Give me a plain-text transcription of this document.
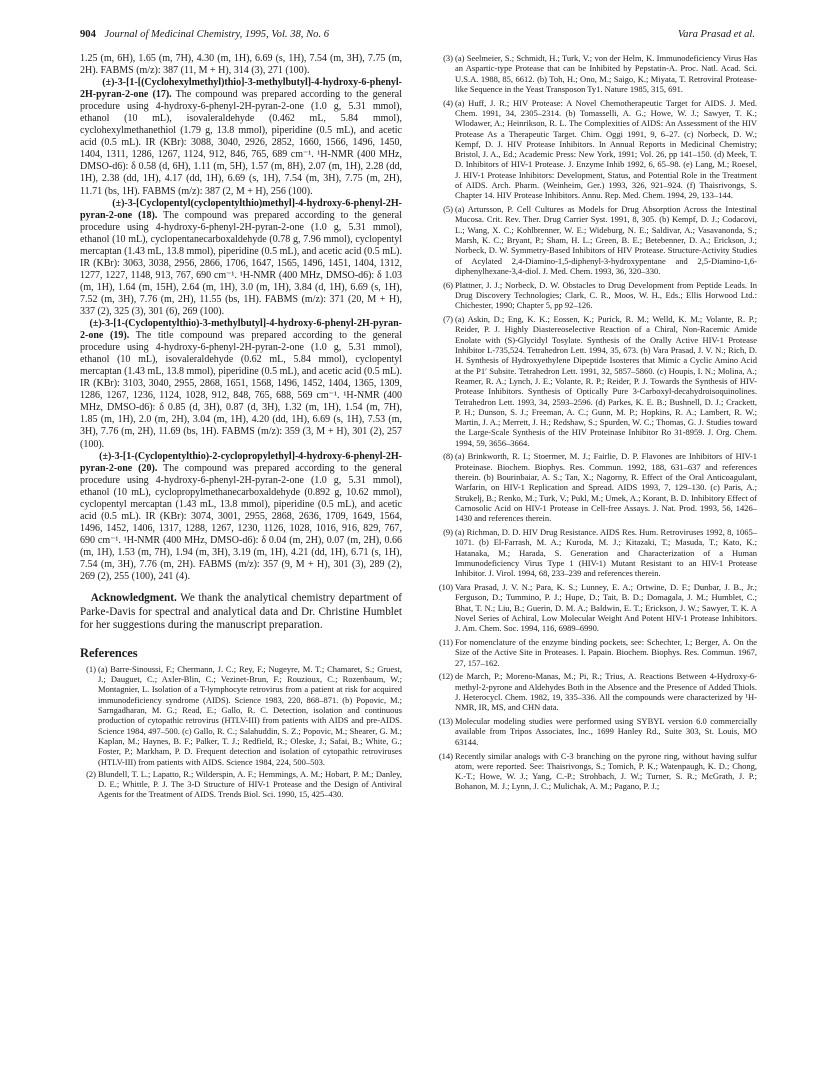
904 Journal of Medicinal Chemistry, 1995, Vol. 38, No. 6	Vara Prasad et al.

1.25 (m, 6H), 1.65 (m, 7H), 4.30 (m, 1H), 6.69 (s, 1H), 7.54 (m, 3H), 7.75 (m, 2H). FABMS (m/z): 387 (11, M + H), 314 (3), 271 (100).

(±)-3-[1-[(Cyclohexylmethyl)thio]-3-methylbutyl]-4-hydroxy-6-phenyl-2H-pyran-2-one (17). The compound was prepared according to the general procedure using 4-hydroxy-6-phenyl-2H-pyran-2-one (1.0 g, 5.31 mmol), ethanol (10 mL), isovaleraldehyde (0.462 mL, 5.84 mmol), cyclohexylmethanethiol (1.79 g, 13.8 mmol), piperidine (0.5 mL), and acetic acid (0.5 mL). IR (KBr): 3088, 3040, 2926, 2852, 1660, 1566, 1496, 1450, 1404, 1311, 1286, 1267, 1124, 912, 846, 765, 689 cm⁻¹. ¹H-NMR (400 MHz, DMSO-d6): δ 0.58 (d, 6H), 1.11 (m, 5H), 1.57 (m, 8H), 2.07 (m, 1H), 2.28 (dd, 1H), 2.38 (dd, 1H), 4.17 (dd, 1H), 6.69 (s, 1H), 7.54 (m, 3H), 7.75 (m, 2H), 11.71 (bs, 1H). FABMS (m/z): 387 (2, M + H), 256 (100).

(±)-3-[Cyclopentyl(cyclopentylthio)methyl]-4-hydroxy-6-phenyl-2H-pyran-2-one (18). The compound was prepared according to the general procedure using 4-hydroxy-6-phenyl-2H-pyran-2-one (1.0 g, 5.31 mmol), ethanol (10 mL), cyclopentanecarboxaldehyde (0.78 g, 7.96 mmol), cyclopentyl mercaptan (1.43 mL, 13.8 mmol), piperidine (0.5 mL), and acetic acid (0.5 mL). IR (KBr): 3063, 3038, 2956, 2866, 1706, 1647, 1565, 1496, 1451, 1404, 1312, 1277, 1227, 1148, 913, 767, 690 cm⁻¹. ¹H-NMR (400 MHz, DMSO-d6): δ 1.03 (m, 1H), 1.64 (m, 15H), 2.64 (m, 1H), 3.0 (m, 1H), 3.84 (d, 1H), 6.69 (s, 1H), 7.52 (m, 3H), 7.76 (m, 2H), 11.55 (bs, 1H). FABMS (m/z): 371 (20, M + H), 337 (2), 325 (3), 301 (6), 269 (100).

(±)-3-[1-(Cyclopentylthio)-3-methylbutyl]-4-hydroxy-6-phenyl-2H-pyran-2-one (19). The title compound was prepared according to the general procedure using 4-hydroxy-6-phenyl-2H-pyran-2-one (1.0 g, 5.31 mmol), ethanol (10 mL), isovaleraldehyde (0.62 mL, 5.84 mmol), cyclopentyl mercaptan (1.43 mL, 13.8 mmol), piperidine (0.5 mL), and acetic acid (0.5 mL). IR (KBr): 3103, 3040, 2955, 2868, 1651, 1568, 1496, 1452, 1404, 1365, 1309, 1286, 1267, 1236, 1124, 1028, 912, 848, 765, 688, 569 cm⁻¹. ¹H-NMR (400 MHz, DMSO-d6): δ 0.85 (d, 3H), 0.87 (d, 3H), 1.32 (m, 1H), 1.54 (m, 7H), 1.85 (m, 1H), 2.0 (m, 2H), 3.04 (m, 1H), 4.20 (dd, 1H), 6.69 (s, 1H), 7.53 (m, 3H), 7.76 (m, 2H), 11.69 (bs, 1H). FABMS (m/z): 359 (3, M + H), 301 (2), 257 (100).

(±)-3-[1-(Cyclopentylthio)-2-cyclopropylethyl]-4-hydroxy-6-phenyl-2H-pyran-2-one (20). The compound was prepared according to the general procedure using 4-hydroxy-6-phenyl-2H-pyran-2-one (1.0 g, 5.31 mmol), ethanol (10 mL), cyclopropylmethanecarboxaldehyde (0.892 g, 10.62 mmol), cyclopentyl mercaptan (1.43 mL, 13.8 mmol), piperidine (0.5 mL), and acetic acid (0.5 mL). IR (KBr): 3074, 3001, 2955, 2868, 2636, 1709, 1649, 1564, 1496, 1452, 1406, 1317, 1288, 1267, 1230, 1126, 1028, 1016, 916, 829, 767, 690 cm⁻¹. ¹H-NMR (400 MHz, DMSO-d6): δ 0.04 (m, 2H), 0.07 (m, 2H), 0.66 (m, 1H), 1.53 (m, 7H), 1.94 (m, 3H), 3.19 (m, 1H), 4.21 (dd, 1H), 6.71 (s, 1H), 7.54 (m, 3H), 7.76 (m, 2H). FABMS (m/z): 357 (9, M + H), 301 (3), 289 (2), 269 (2), 255 (100), 241 (4).

Acknowledgment. We thank the analytical chemistry department of Parke-Davis for spectral and analytical data and Dr. Christine Humblet for her suggestions during the manuscript preparation.
References
(1) (a) Barre-Sinoussi, F.; Chermann, J. C.; Rey, F.; Nugeyre, M. T.; Chamaret, S.; Gruest, J.; Dauguet, C.; Axler-Blin, C.; Vezinet-Brun, F.; Rouzioux, C.; Rozenbaum, W.; Montagnier, L. Isolation of a T-lymphocyte retrovirus from a patient at risk for acquired immunodeficiency syndrome (AIDS). Science 1983, 220, 868–871. (b) Popovic, M.; Sarngadharan, M. G.; Read, E.; Gallo, R. C. Detection, isolation and continuous production of cytopathic retrovirus (HTLV-III) from patients with AIDS and pre-AIDS. Science 1984, 497–500. (c) Gallo, R. C.; Salahuddin, S. Z.; Popovic, M.; Shearer, G. M.; Kaplan, M.; Haynes, B. F.; Palker, T. J.; Redfield, R.; Oleske, J.; Safai, B.; White, G.; Foster, P.; Markham, P. D. Frequent detection and isolation of cytopathic retroviruses (HTLV-III) from patients with AIDS. Science 1984, 224, 500–503.
(2) Blundell, T. L.; Lapatto, R.; Wilderspin, A. F.; Hemmings, A. M.; Hobart, P. M.; Danley, D. E.; Whittle, P. J. The 3-D Structure of HIV-1 Protease and the Design of Antiviral Agents for the Treatment of AIDS. Trends Biol. Sci. 1990, 15, 425–430.
(3) (a) Seelmeier, S.; Schmidt, H.; Turk, V.; von der Helm, K. Immunodeficiency Virus Has an Aspartic-type Protease that can be Inhibited by Pepstatin-A. Proc. Natl. Acad. Sci. U.S.A. 1988, 85, 6612. (b) Toh, H.; Ono, M.; Saigo, K.; Miyata, T. Retroviral Protease-like Sequence in the Yeast Transposon Ty1. Nature 1985, 315, 691.
(4) (a) Huff, J. R.; HIV Protease: A Novel Chemotherapeutic Target for AIDS. J. Med. Chem. 1991, 34, 2305–2314. (b) Tomasselli, A. G.; Howe, W. J.; Sawyer, T. K.; Wlodawer, A.; Heinrikson, R. L. The Complexities of AIDS: An Assessment of the HIV Protease As a Therapeutic Target. Chim. Oggi 1991, 9, 6–27. (c) Norbeck, D. W.; Kempf, D. J. HIV Protease Inhibitors. In Annual Reports in Medicinal Chemistry; Bristol, J. A., Ed.; Academic Press: New York, 1991; Vol. 26, pp 141–150. (d) Meek, T. D. Inhibitors of HIV-1 Protease. J. Enzyme Inhib 1992, 6, 65–98. (e) Lang, M.; Roesel, J. HIV-1 Protease Inhibitors: Development, Status, and Potential Role in the Treatment of AIDS. Arch. Pharm. (Weinheim, Ger.) 1993, 326, 921–924. (f) Thaisrivongs, S. Chapter 14. HIV Protease Inhibitors. Annu. Rep. Med. Chem. 1994, 29, 133–144.
(5) (a) Artursson, P. Cell Cultures as Models for Drug Absorption Across the Intestinal Mucosa. Crit. Rev. Ther. Drug Carrier Syst. 1991, 8, 305. (b) Kempf, D. J.; Codacovi, L.; Wang, X. C.; Kohlbrenner, W. E.; Wideburg, N. E.; Saldivar, A.; Vasavanonda, S.; Marsh, K. C.; Bryant, P.; Sham, H. L.; Green, B. E.; Betebenner, D. A.; Erickson, J.; Norbeck, D. W. Symmetry-Based Inhibitors of HIV Protease. Structure-Activity Studies of Acylated 2,4-Diamino-1,5-diphenyl-3-hydroxypentane and 2,5-Diamino-1,6-diphenylhexane-3,4-diol. J. Med. Chem. 1993, 36, 320–330.
(6) Plattner, J. J.; Norbeck, D. W. Obstacles to Drug Development from Peptide Leads. In Drug Discovery Technologies; Clark, C. R., Moos, W. H., Eds.; Ellis Horwood Ltd.: Chichester, 1990; Chapter 5, pp 92–126.
(7) (a) Askin, D.; Eng, K. K.; Eossen, K.; Purick, R. M.; Welld, K. M.; Volante, R. P.; Reider, P. J. Highly Diastereoselective Reaction of a Chiral, Non-Racemic Amide Enolate with (S)-Glycidyl Tosylate. Synthesis of the Orally Active HIV-1 Protease Inhibitor L-735,524. Tetrahedron Lett. 1994, 35, 673. (b) Vara Prasad, J. V. N.; Rich, D. H. Synthesis of Hydroxyethylene Dipeptide Isosteres that Mimic a Cyclic Amino Acid at the P1′ Subsite. Tetrahedron Lett. 1991, 32, 5857–5860. (c) Houpis, I. N.; Molina, A.; Reamer, R. A.; Lynch, J. E.; Volante, R. P.; Reider, P. J. Towards the Synthesis of HIV-Protease Inhibitors. Synthesis of Optically Pure 3-Carboxyl-decahydroisoquinolines. Tetrahedron Lett. 1993, 34, 2593–2596. (d) Parkes, K. E. B.; Bushnell, D. J.; Crackett, P. H.; Dunson, S. J.; Freeman, A. C.; Gunn, M. P.; Hopkins, R. A.; Lambert, R. W.; Martin, J. A.; Merrett, J. H.; Redshaw, S.; Spurden, W. C.; Thomas, G. J. Studies toward the Large-Scale Synthesis of the HIV Proteinase Inhibitor Ro 31-8959. J. Org. Chem. 1994, 59, 3656–3664.
(8) (a) Brinkworth, R. I.; Stoermer, M. J.; Fairlie, D. P. Flavones are Inhibitors of HIV-1 Proteinase. Biochem. Biophys. Res. Commun. 1992, 188, 631–637 and references therein. (b) Bourinbaiar, A. S.; Tan, X.; Nagorny, R. Effect of the Oral Anticoagulant, Warfarin, on HIV-1 Replication and Spread. AIDS 1993, 7, 129–130. (c) Paris, A.; Strukelj, B.; Renko, M.; Turk, V.; Pukl, M.; Umek, A.; Korant, B. D. Inhibitory Effect of Carnosolic Acid on HIV-1 Protease in Cell-free Assays. J. Nat. Prod. 1993, 56, 1426–1430 and references therein.
(9) (a) Richman, D. D. HIV Drug Resistance. AIDS Res. Hum. Retroviruses 1992, 8, 1065–1071. (b) El-Farrash, M. A.; Kuroda, M. J.; Kitazaki, T.; Masuda, T.; Kato, K.; Hatanaka, M.; Harada, S. Generation and Characterization of a Human Immunodeficiency Virus Type 1 (HIV-1) Mutant Resistant to an HIV-1 Protease Inhibitor. J. Virol. 1994, 68, 233–239 and references therein.
(10) Vara Prasad, J. V. N.; Para, K. S.; Lunney, E. A.; Ortwine, D. F.; Dunbar, J. B., Jr.; Ferguson, D.; Tummino, P. J.; Hupe, D.; Tait, B. D.; Domagala, J. M.; Humblet, C.; Bhat, T. N.; Liu, B.; Guerin, D. M. A.; Baldwin, E. T.; Erickson, J. W.; Sawyer, T. K. A Novel Series of Achiral, Low Molecular Weight And Potent HIV-1 Protease Inhibitors. J. Am. Chem. Soc. 1994, 116, 6989–6990.
(11) For nomenclature of the enzyme binding pockets, see: Schechter, I.; Berger, A. On the Size of the Active Site in Proteases. I. Papain. Biochem. Biophys. Res. Commun. 1967, 27, 157–162.
(12) de March, P.; Moreno-Manas, M.; Pi, R.; Trius, A. Reactions Between 4-Hydroxy-6-methyl-2-pyrone and Aldehydes Both in the Absence and the Presence of Added Thiols. J. Heterocycl. Chem. 1982, 19, 335–336. All the compounds were characterized by ¹H-NMR, IR, MS, and CHN data.
(13) Molecular modeling studies were performed using SYBYL version 6.0 commercially available from Tripos Associates, Inc., 1699 Hanley Rd., Suite 303, St. Louis, MO 63144.
(14) Recently similar analogs with C-3 branching on the pyrone ring, without having sulfur atom, were reported. See: Thaisrivongs, S.; Tomich, P. K.; Watenpaugh, K. D.; Chong, K.-T.; Howe, W. J.; Yang, C.-P.; Strohbach, J. W.; Turner, S. R.; McGrath, J. P.; Bohanon, M. J.; Lynn, J. C.; Mulichak, A. M.; Pagano, P. J.;
